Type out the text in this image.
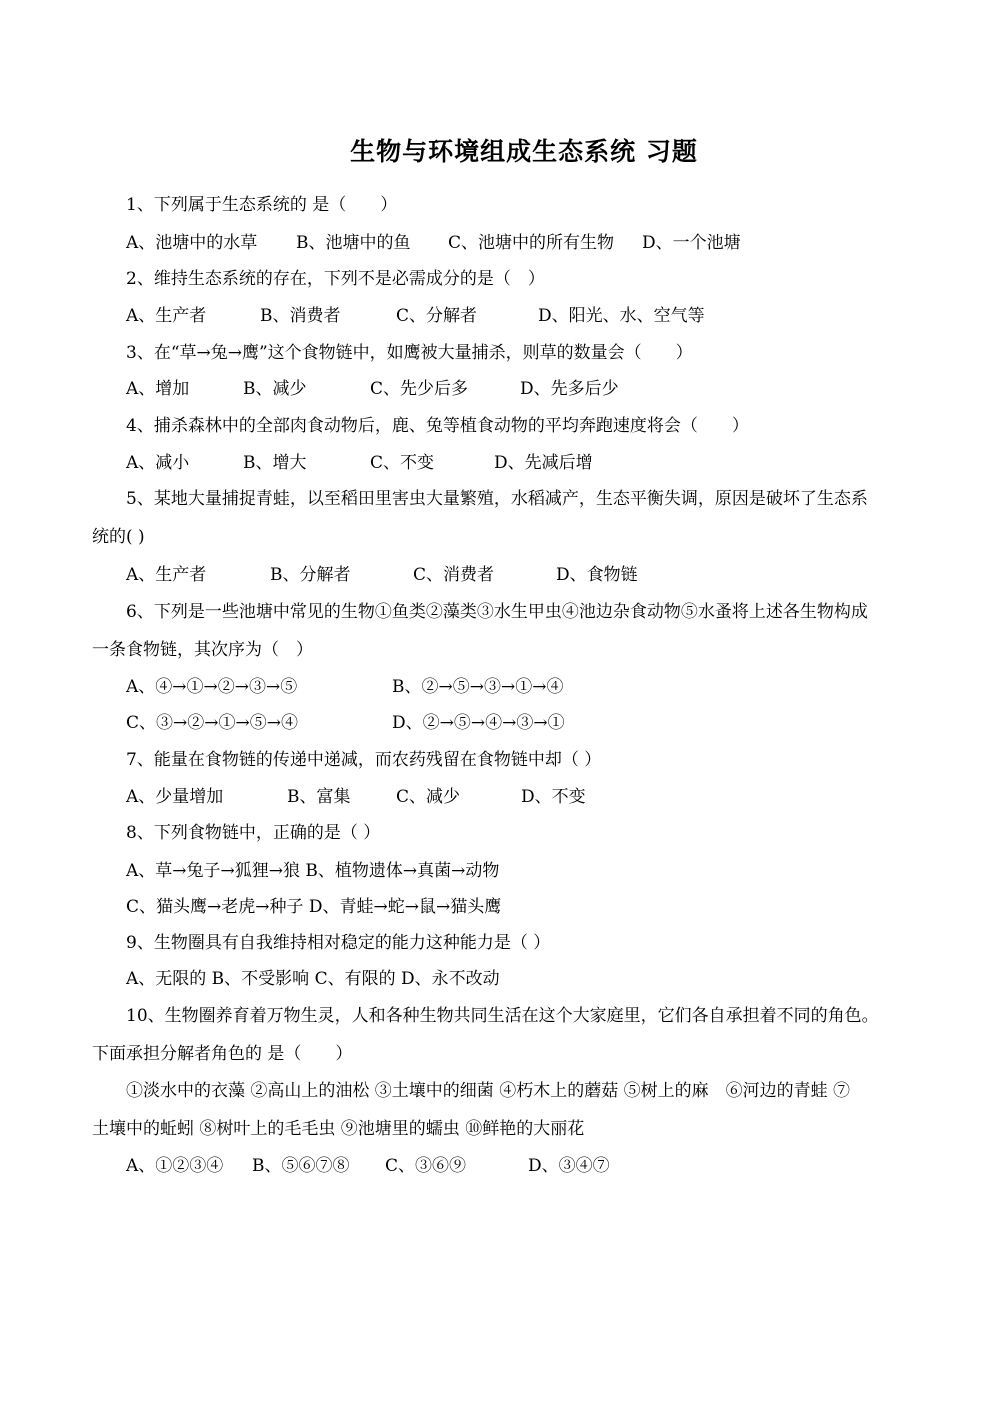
生物与环境组成生态系统 习题
1、下列属于生态系统的 是（　　）
A、池塘中的水草 B、池塘中的鱼 C、池塘中的所有生物 D、一个池塘
2、维持生态系统的存在，下列不是必需成分的是（　）
A、生产者	B、消费者	C、分解者	D、阳光、水、空气等
3、在“草→兔→鹰”这个食物链中，如鹰被大量捕杀，则草的数量会（　　）
A、增加	B、减少	C、先少后多	D、先多后少
4、捕杀森林中的全部肉食动物后，鹿、兔等植食动物的平均奔跑速度将会（　　）
A、减小	B、增大	C、不变	D、先减后增
5、某地大量捕捉青蛙，以至稻田里害虫大量繁殖，水稻减产，生态平衡失调，原因是破坏了生态系
统的( )
A、生产者	B、分解者	C、消费者	D、食物链
6、下列是一些池塘中常见的生物①鱼类②藻类③水生甲虫④池边杂食动物⑤水蚤将上述各生物构成
一条食物链，其次序为（　）
A、④→①→②→③→⑤	B、②→⑤→③→①→④
C、③→②→①→⑤→④	D、②→⑤→④→③→①
7、能量在食物链的传递中递减，而农药残留在食物链中却（ ）
A、少量增加	B、富集	C、减少	D、不变
8、下列食物链中，正确的是（ ）
A、草→兔子→狐狸→狼 B、植物遗体→真菌→动物
C、猫头鹰→老虎→种子 D、青蛙→蛇→鼠→猫头鹰
9、生物圈具有自我维持相对稳定的能力这种能力是（ ）
A、无限的 B、不受影响 C、有限的 D、永不改动
10、生物圈养育着万物生灵，人和各种生物共同生活在这个大家庭里，它们各自承担着不同的角色。
下面承担分解者角色的 是（　　）
①淡水中的衣藻 ②高山上的油松 ③土壤中的细菌 ④朽木上的蘑菇 ⑤树上的麻　⑥河边的青蛙 ⑦
土壤中的蚯蚓 ⑧树叶上的毛毛虫 ⑨池塘里的蠕虫 ⑩鲜艳的大丽花
A、①②③④ B、⑤⑥⑦⑧ C、③⑥⑨	D、③④⑦
